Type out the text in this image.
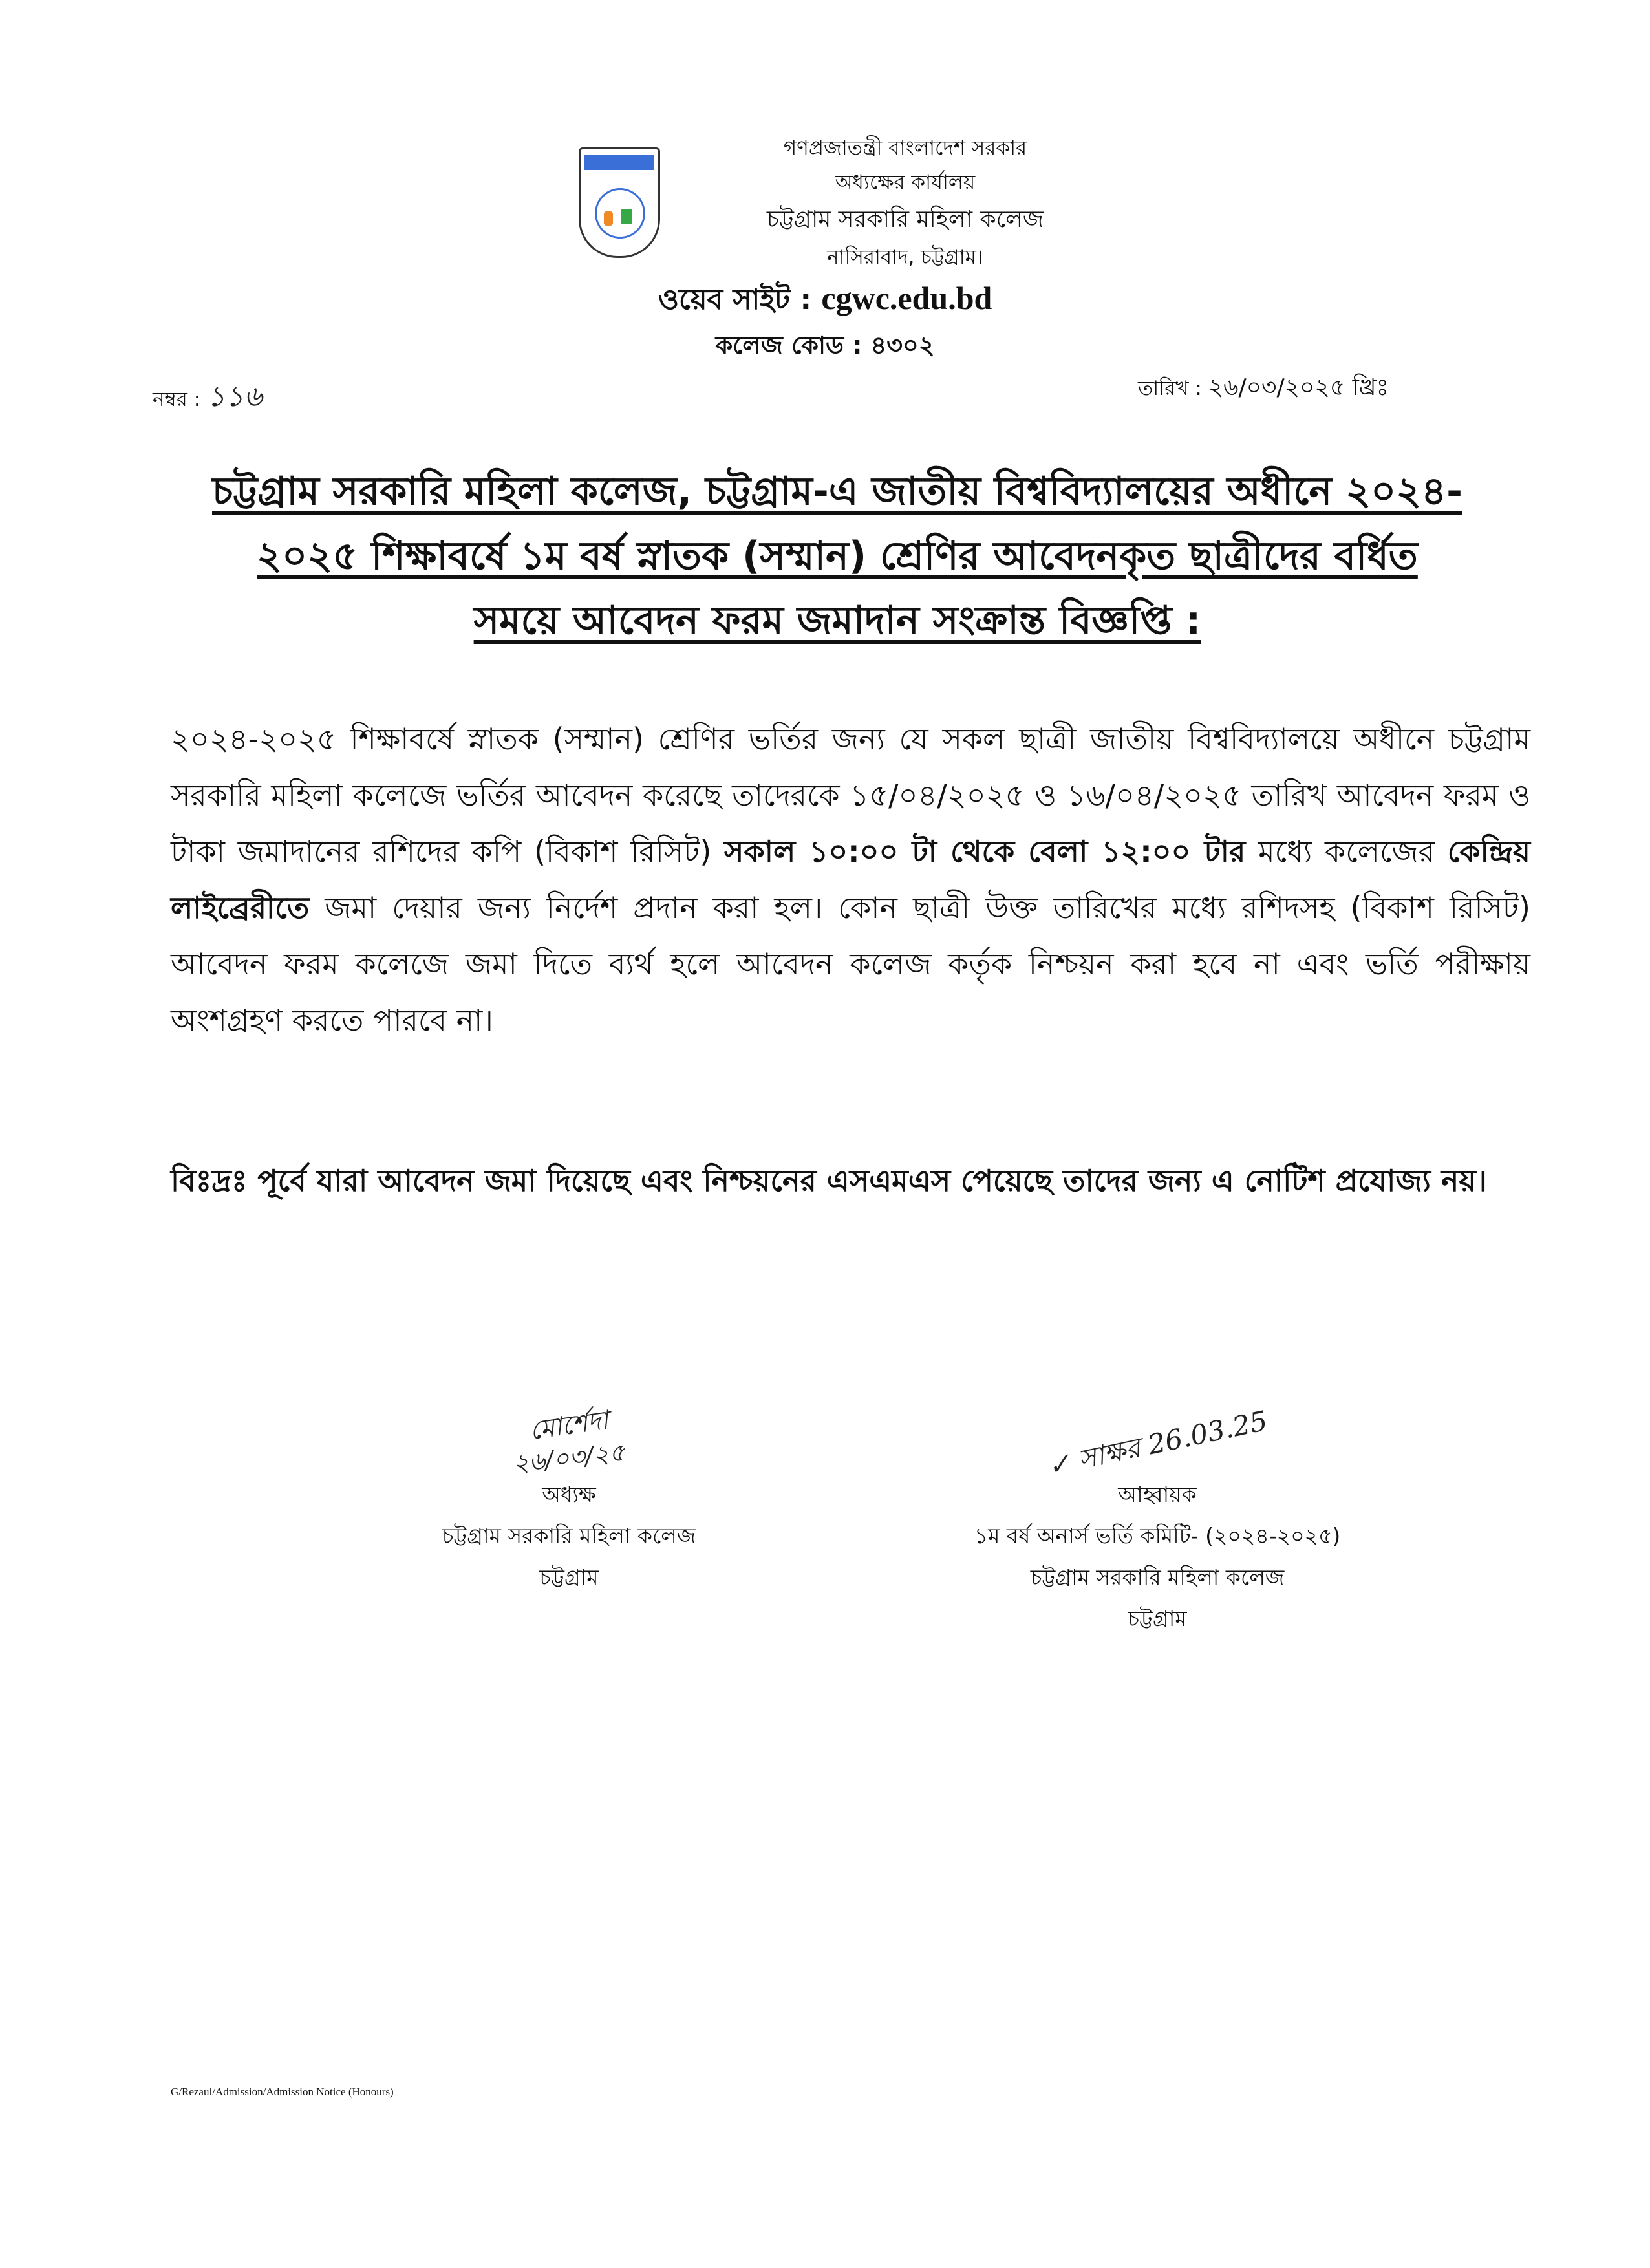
গণপ্রজাতন্ত্রী বাংলাদেশ সরকার
অধ্যক্ষের কার্যালয়
চট্টগ্রাম সরকারি মহিলা কলেজ
নাসিরাবাদ, চট্টগ্রাম।
ওয়েব সাইট : cgwc.edu.bd
কলেজ কোড : ৪৩০২
নম্বর : ১১৬	তারিখ : ২৬/০৩/২০২৫ খ্রিঃ
চট্টগ্রাম সরকারি মহিলা কলেজ, চট্টগ্রাম-এ জাতীয় বিশ্ববিদ্যালয়ের অধীনে ২০২৪-
২০২৫ শিক্ষাবর্ষে ১ম বর্ষ স্নাতক (সম্মান) শ্রেণির আবেদনকৃত ছাত্রীদের বর্ধিত
সময়ে আবেদন ফরম জমাদান সংক্রান্ত বিজ্ঞপ্তি :
২০২৪-২০২৫ শিক্ষাবর্ষে স্নাতক (সম্মান) শ্রেণির ভর্তির জন্য যে সকল ছাত্রী জাতীয় বিশ্ববিদ্যালয়ে অধীনে চট্টগ্রাম সরকারি মহিলা কলেজে ভর্তির আবেদন করেছে তাদেরকে ১৫/০৪/২০২৫ ও ১৬/০৪/২০২৫ তারিখ আবেদন ফরম ও টাকা জমাদানের রশিদের কপি (বিকাশ রিসিট) সকাল ১০:০০ টা থেকে বেলা ১২:০০ টার মধ্যে কলেজের কেন্দ্রিয় লাইব্রেরীতে জমা দেয়ার জন্য নির্দেশ প্রদান করা হল। কোন ছাত্রী উক্ত তারিখের মধ্যে রশিদসহ (বিকাশ রিসিট) আবেদন ফরম কলেজে জমা দিতে ব্যর্থ হলে আবেদন কলেজ কর্তৃক নিশ্চয়ন করা হবে না এবং ভর্তি পরীক্ষায় অংশগ্রহণ করতে পারবে না।
বিঃদ্রঃ পূর্বে যারা আবেদন জমা দিয়েছে এবং নিশ্চয়নের এসএমএস পেয়েছে তাদের জন্য এ নোটিশ প্রযোজ্য নয়।
মোর্শেদা
২৬/০৩/২৫
অধ্যক্ষ
চট্টগ্রাম সরকারি মহিলা কলেজ
চট্টগ্রাম
✓ সাক্ষর 26.03.25
আহ্বায়ক
১ম বর্ষ অনার্স ভর্তি কমিটি- (২০২৪-২০২৫)
চট্টগ্রাম সরকারি মহিলা কলেজ
চট্টগ্রাম
G/Rezaul/Admission/Admission Notice (Honours)
